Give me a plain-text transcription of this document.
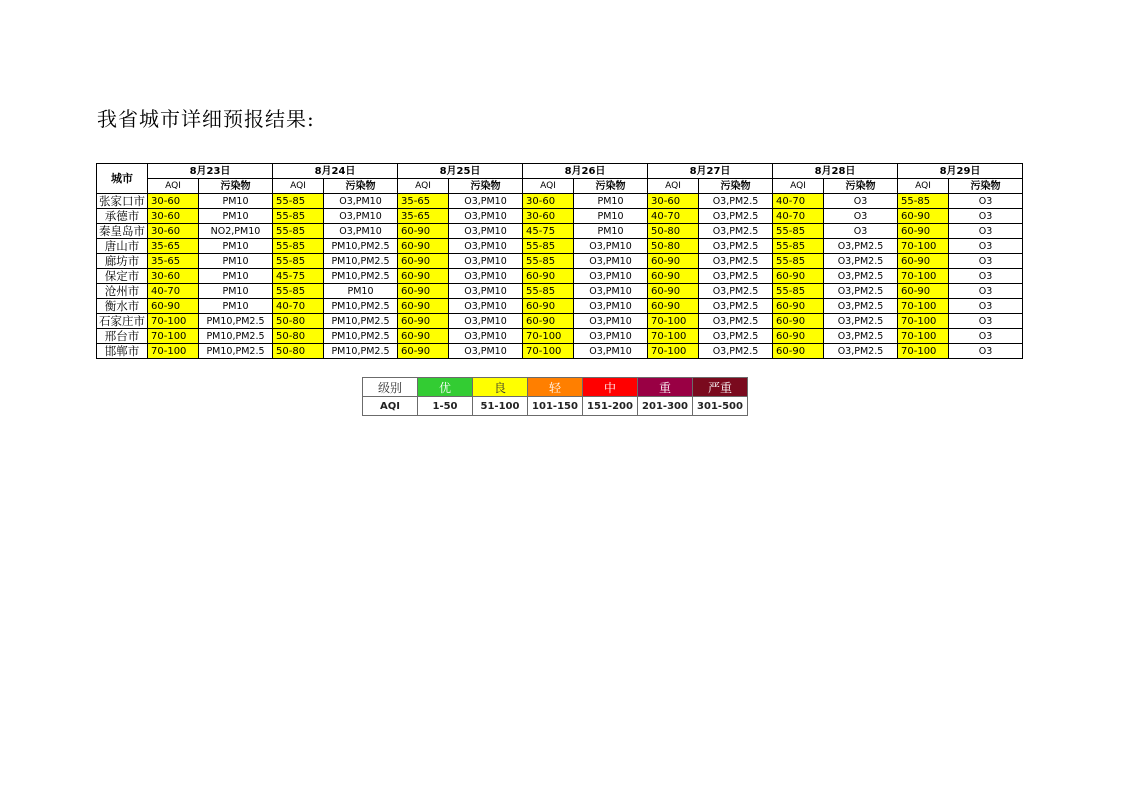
我省城市详细预报结果:
城市	8月23日		8月24日		8月25日		8月26日		8月27日		8月28日		8月29日	
	AQI	污染物	AQI	污染物	AQI	污染物	AQI	污染物	AQI	污染物	AQI	污染物	AQI	污染物
张家口市	30-60	PM10	55-85	O3,PM10	35-65	O3,PM10	30-60	PM10	30-60	O3,PM2.5	40-70	O3	55-85	O3
承德市	30-60	PM10	55-85	O3,PM10	35-65	O3,PM10	30-60	PM10	40-70	O3,PM2.5	40-70	O3	60-90	O3
秦皇岛市	30-60	NO2,PM10	55-85	O3,PM10	60-90	O3,PM10	45-75	PM10	50-80	O3,PM2.5	55-85	O3	60-90	O3
唐山市	35-65	PM10	55-85	PM10,PM2.5	60-90	O3,PM10	55-85	O3,PM10	50-80	O3,PM2.5	55-85	O3,PM2.5	70-100	O3
廊坊市	35-65	PM10	55-85	PM10,PM2.5	60-90	O3,PM10	55-85	O3,PM10	60-90	O3,PM2.5	55-85	O3,PM2.5	60-90	O3
保定市	30-60	PM10	45-75	PM10,PM2.5	60-90	O3,PM10	60-90	O3,PM10	60-90	O3,PM2.5	60-90	O3,PM2.5	70-100	O3
沧州市	40-70	PM10	55-85	PM10	60-90	O3,PM10	55-85	O3,PM10	60-90	O3,PM2.5	55-85	O3,PM2.5	60-90	O3
衡水市	60-90	PM10	40-70	PM10,PM2.5	60-90	O3,PM10	60-90	O3,PM10	60-90	O3,PM2.5	60-90	O3,PM2.5	70-100	O3
石家庄市	70-100	PM10,PM2.5	50-80	PM10,PM2.5	60-90	O3,PM10	60-90	O3,PM10	70-100	O3,PM2.5	60-90	O3,PM2.5	70-100	O3
邢台市	70-100	PM10,PM2.5	50-80	PM10,PM2.5	60-90	O3,PM10	70-100	O3,PM10	70-100	O3,PM2.5	60-90	O3,PM2.5	70-100	O3
邯郸市	70-100	PM10,PM2.5	50-80	PM10,PM2.5	60-90	O3,PM10	70-100	O3,PM10	70-100	O3,PM2.5	60-90	O3,PM2.5	70-100	O3
级别	优	良	轻	中	重	严重
AQI	1-50	51-100	101-150	151-200	201-300	301-500
